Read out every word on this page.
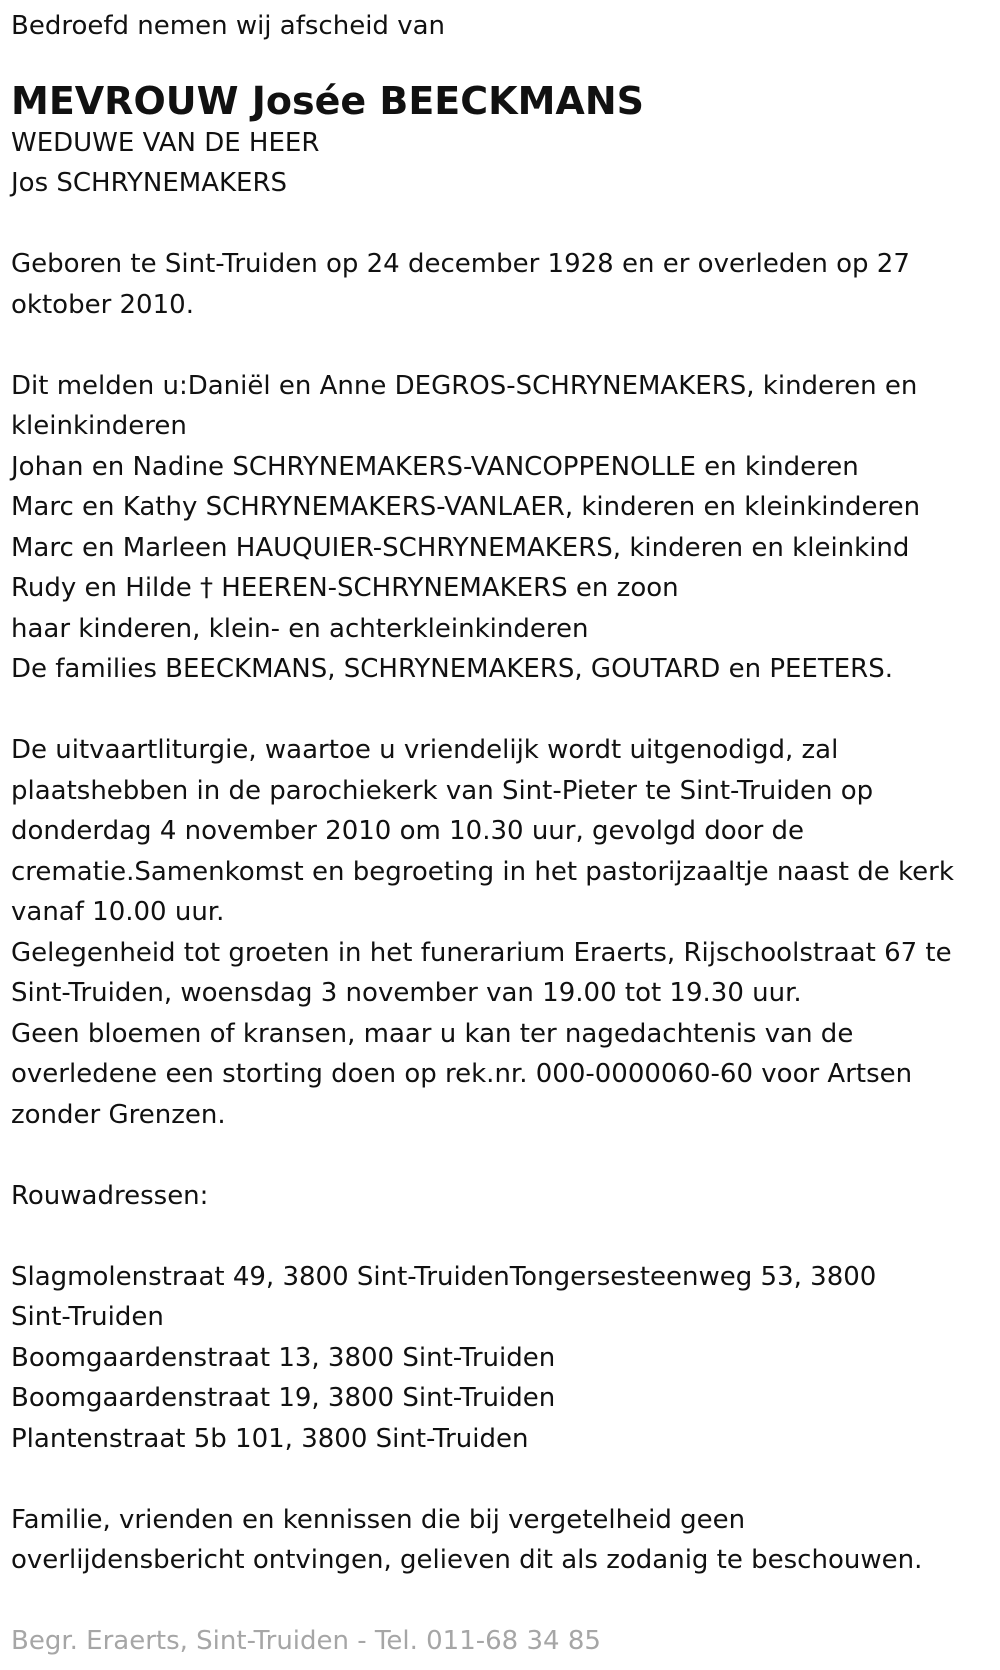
Bedroefd nemen wij afscheid van
MEVROUW Josée BEECKMANS
WEDUWE VAN DE HEER
Jos SCHRYNEMAKERS
Geboren te Sint-Truiden op 24 december 1928 en er overleden op 27
oktober 2010.
Dit melden u:Daniël en Anne DEGROS-SCHRYNEMAKERS, kinderen en
kleinkinderen
Johan en Nadine SCHRYNEMAKERS-VANCOPPENOLLE en kinderen
Marc en Kathy SCHRYNEMAKERS-VANLAER, kinderen en kleinkinderen
Marc en Marleen HAUQUIER-SCHRYNEMAKERS, kinderen en kleinkind
Rudy en Hilde † HEEREN-SCHRYNEMAKERS en zoon
haar kinderen, klein- en achterkleinkinderen
De families BEECKMANS, SCHRYNEMAKERS, GOUTARD en PEETERS.
De uitvaartliturgie, waartoe u vriendelijk wordt uitgenodigd, zal
plaatshebben in de parochiekerk van Sint-Pieter te Sint-Truiden op
donderdag 4 november 2010 om 10.30 uur, gevolgd door de
crematie.Samenkomst en begroeting in het pastorijzaaltje naast de kerk
vanaf 10.00 uur.
Gelegenheid tot groeten in het funerarium Eraerts, Rijschoolstraat 67 te
Sint-Truiden, woensdag 3 november van 19.00 tot 19.30 uur.
Geen bloemen of kransen, maar u kan ter nagedachtenis van de
overledene een storting doen op rek.nr. 000-0000060-60 voor Artsen
zonder Grenzen.
Rouwadressen:
Slagmolenstraat 49, 3800 Sint-TruidenTongersesteenweg 53, 3800
Sint-Truiden
Boomgaardenstraat 13, 3800 Sint-Truiden
Boomgaardenstraat 19, 3800 Sint-Truiden
Plantenstraat 5b 101, 3800 Sint-Truiden
Familie, vrienden en kennissen die bij vergetelheid geen
overlijdensbericht ontvingen, gelieven dit als zodanig te beschouwen.
Begr. Eraerts, Sint-Truiden - Tel. 011-68 34 85
